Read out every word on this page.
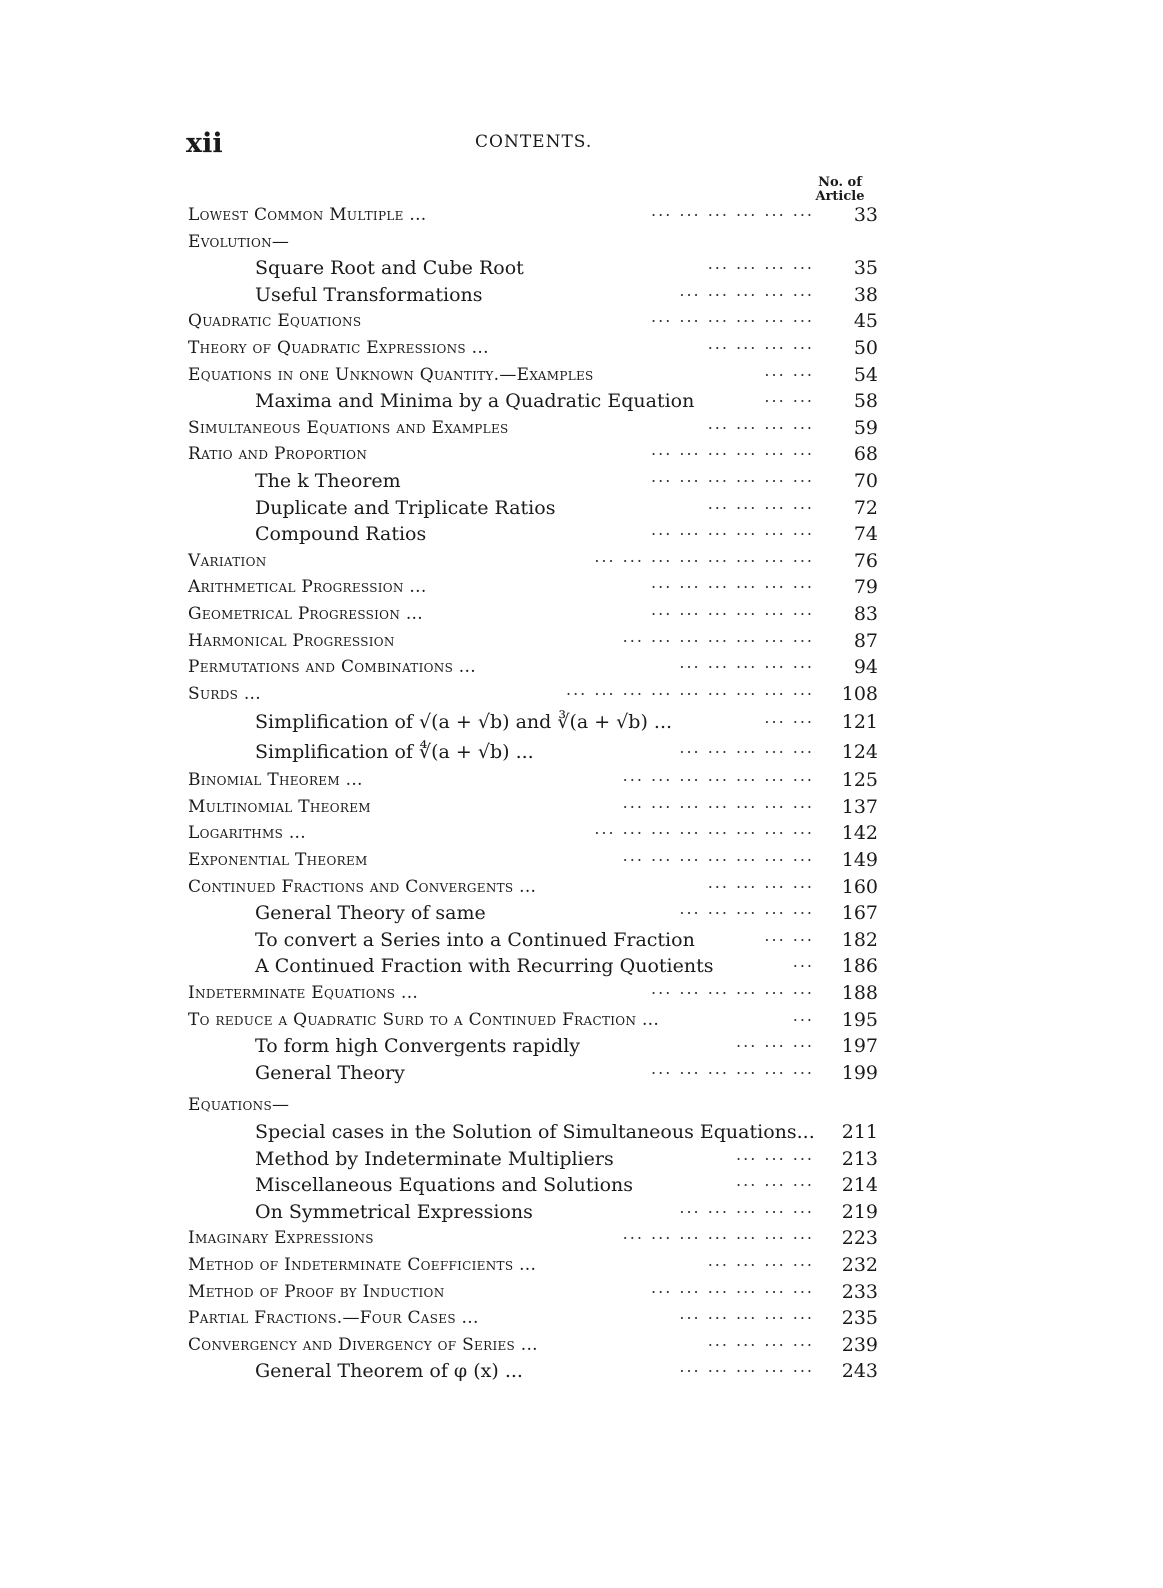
xii	CONTENTS.
No. of
Article
Lowest Common Multiple ...	... ... ... ... ... ...	33
Evolution—
Square Root and Cube Root	... ... ... ...	35
Useful Transformations	... ... ... ... ...	38
Quadratic Equations	... ... ... ... ... ...	45
Theory of Quadratic Expressions ...	... ... ... ...	50
Equations in one Unknown Quantity.—Examples	... ...	54
Maxima and Minima by a Quadratic Equation	... ...	58
Simultaneous Equations and Examples	... ... ... ...	59
Ratio and Proportion	... ... ... ... ... ...	68
The k Theorem	... ... ... ... ... ...	70
Duplicate and Triplicate Ratios	... ... ... ...	72
Compound Ratios	... ... ... ... ... ...	74
Variation	... ... ... ... ... ... ... ...	76
Arithmetical Progression ...	... ... ... ... ... ...	79
Geometrical Progression ...	... ... ... ... ... ...	83
Harmonical Progression	... ... ... ... ... ... ...	87
Permutations and Combinations ...	... ... ... ... ...	94
Surds ...	... ... ... ... ... ... ... ... ...	108
Simplification of √(a + √b) and ∛(a + √b) ...	... ...	121
Simplification of ∜(a + √b) ...	... ... ... ... ...	124
Binomial Theorem ...	... ... ... ... ... ... ...	125
Multinomial Theorem	... ... ... ... ... ... ...	137
Logarithms ...	... ... ... ... ... ... ... ...	142
Exponential Theorem	... ... ... ... ... ... ...	149
Continued Fractions and Convergents ...	... ... ... ...	160
General Theory of same	... ... ... ... ...	167
To convert a Series into a Continued Fraction	... ...	182
A Continued Fraction with Recurring Quotients	...	186
Indeterminate Equations ...	... ... ... ... ... ...	188
To reduce a Quadratic Surd to a Continued Fraction ...	...	195
To form high Convergents rapidly	... ... ...	197
General Theory	... ... ... ... ... ...	199
Equations—
Special cases in the Solution of Simultaneous Equations...	211
Method by Indeterminate Multipliers	... ... ...	213
Miscellaneous Equations and Solutions	... ... ...	214
On Symmetrical Expressions	... ... ... ... ...	219
Imaginary Expressions	... ... ... ... ... ... ...	223
Method of Indeterminate Coefficients ...	... ... ... ...	232
Method of Proof by Induction	... ... ... ... ... ...	233
Partial Fractions.—Four Cases ...	... ... ... ... ...	235
Convergency and Divergency of Series ...	... ... ... ...	239
General Theorem of φ (x) ...	... ... ... ... ...	243
